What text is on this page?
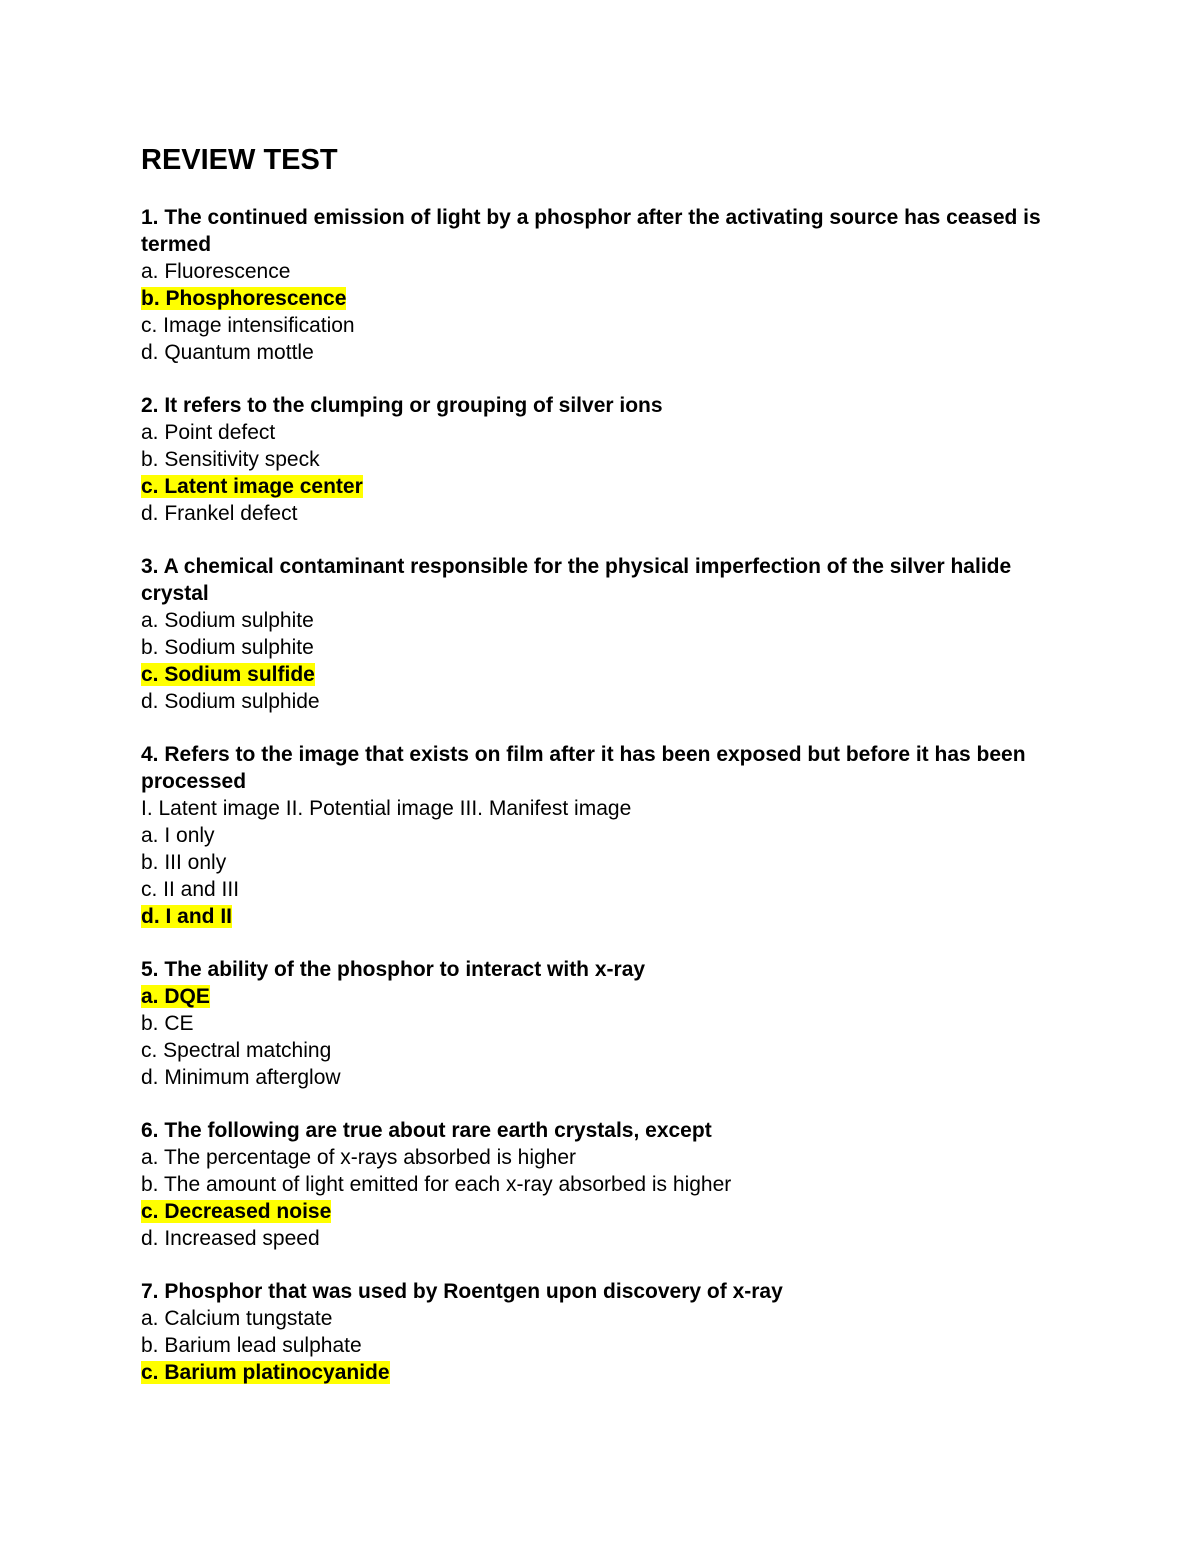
REVIEW TEST
1. The continued emission of light by a phosphor after the activating source has ceased is termed
a. Fluorescence
b. Phosphorescence
c. Image intensification
d. Quantum mottle
2. It refers to the clumping or grouping of silver ions
a. Point defect
b. Sensitivity speck
c. Latent image center
d. Frankel defect
3. A chemical contaminant responsible for the physical imperfection of the silver halide crystal
a. Sodium sulphite
b. Sodium sulphite
c. Sodium sulfide
d. Sodium sulphide
4. Refers to the image that exists on film after it has been exposed but before it has been processed
I. Latent image II. Potential image III. Manifest image
a. I only
b. III only
c. II and III
d. I and II
5. The ability of the phosphor to interact with x-ray
a. DQE
b. CE
c. Spectral matching
d. Minimum afterglow
6. The following are true about rare earth crystals, except
a. The percentage of x-rays absorbed is higher
b. The amount of light emitted for each x-ray absorbed is higher
c. Decreased noise
d. Increased speed
7. Phosphor that was used by Roentgen upon discovery of x-ray
a. Calcium tungstate
b. Barium lead sulphate
c. Barium platinocyanide
